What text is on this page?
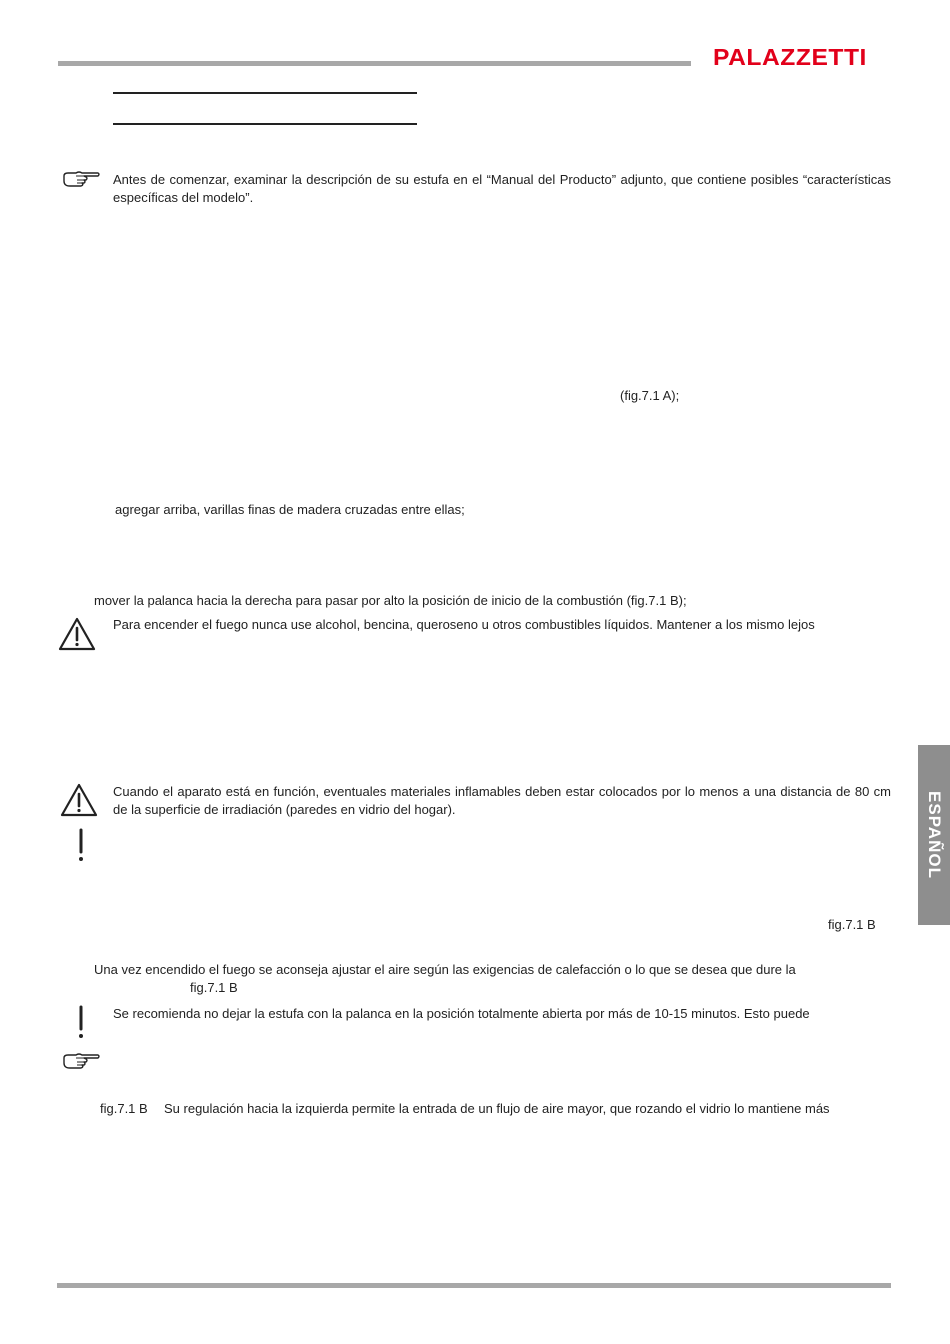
PALAZZETTI
Antes de comenzar, examinar la descripción de su estufa en el “Manual del Producto” adjunto, que contiene posibles “características específicas del modelo”.
(fig.7.1 A);
agregar arriba, varillas finas de madera cruzadas entre ellas;
mover la palanca hacia la derecha para pasar por alto la posición de inicio de la combustión (fig.7.1 B);
Para encender el fuego nunca use alcohol, bencina, queroseno u otros combustibles líquidos. Mantener a los mismo lejos
Cuando el aparato está en función, eventuales materiales inflamables deben estar colocados por lo menos a una distancia de 80 cm de la superficie de irradiación (paredes en vidrio del hogar).	ESPAÑOL
fig.7.1 B
Una vez encendido el fuego se aconseja ajustar el aire según las exigencias de calefacción o lo que se desea que dure la
fig.7.1 B
Se recomienda no dejar la estufa con la palanca en la posición totalmente abierta por más de 10-15 minutos. Esto puede
fig.7.1 B Su regulación hacia la izquierda permite la entrada de un flujo de aire mayor, que rozando el vidrio lo mantiene más
